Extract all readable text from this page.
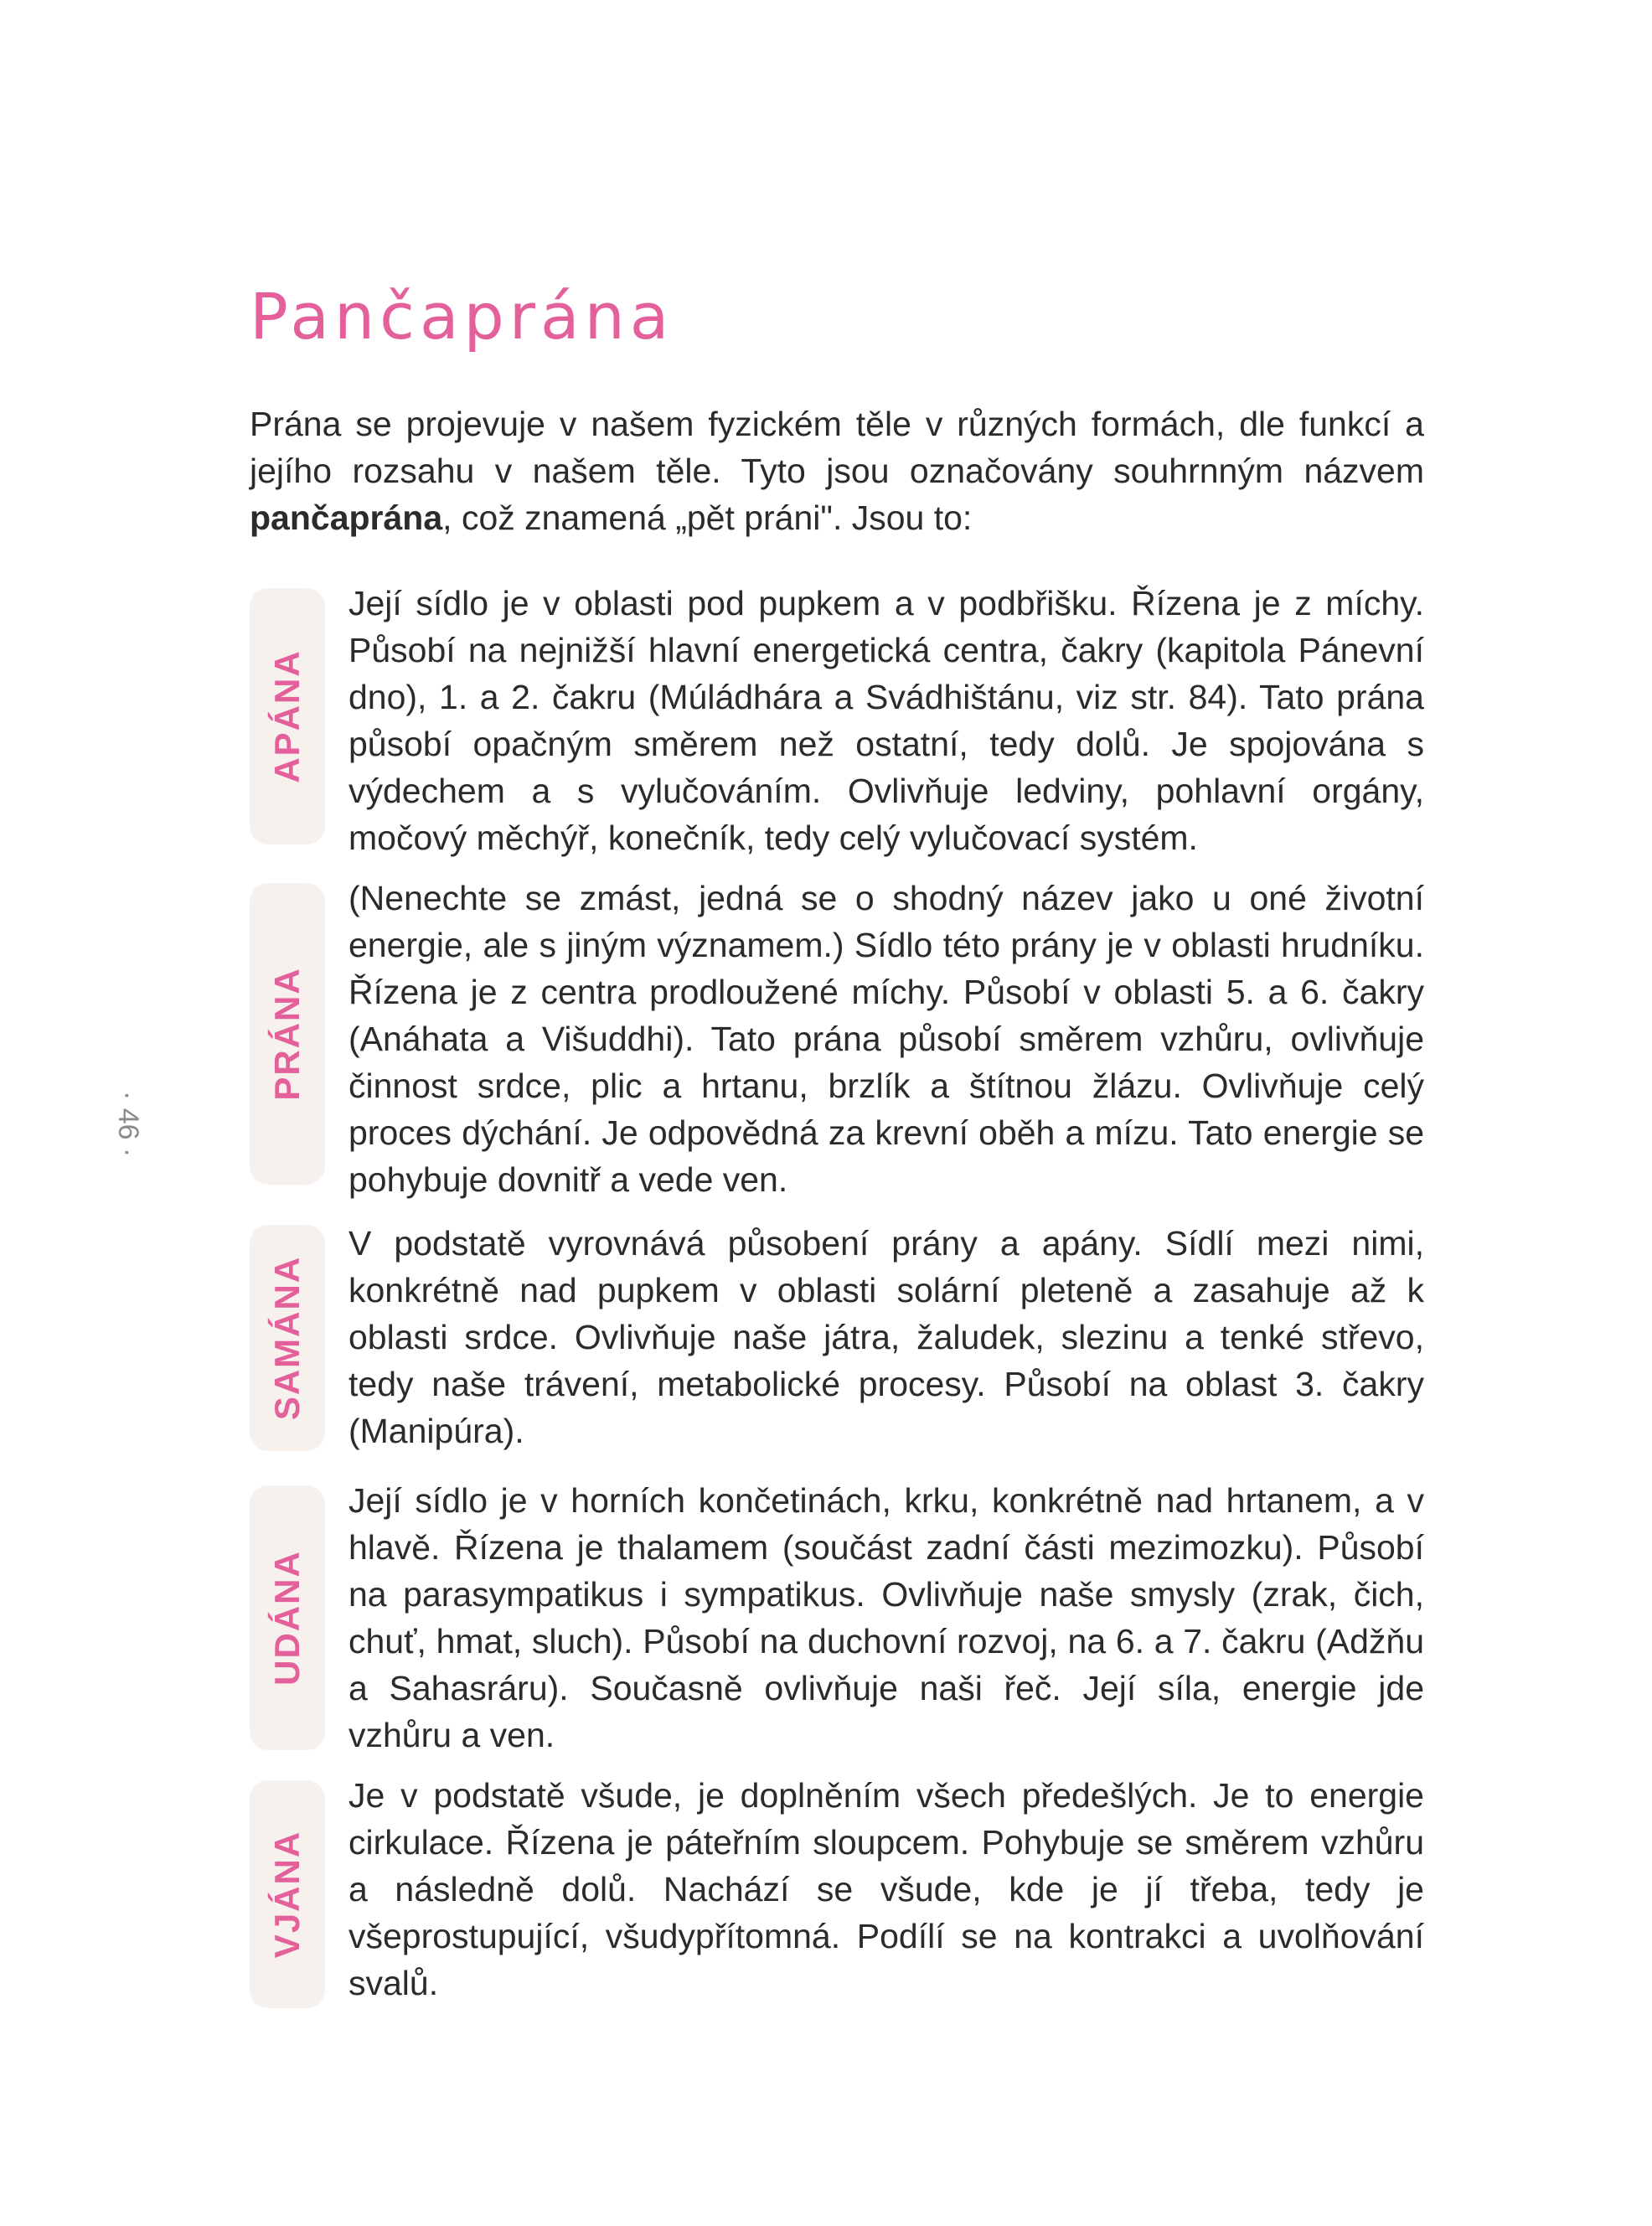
Pančaprána

Prána se projevuje v našem fyzickém těle v různých formách, dle funkcí a jejího rozsahu v našem těle. Tyto jsou označovány souhrnným názvem pančaprána, což znamená „pět práni". Jsou to:

· 46 ·
APÁNA

Její sídlo je v oblasti pod pupkem a v podbřišku. Řízena je z míchy. Působí na nejnižší hlavní energetická centra, čakry (kapitola Pánevní dno), 1. a 2. čakru (Múládhára a Svádhištánu, viz str. 84). Tato prána působí opačným směrem než ostatní, tedy dolů. Je spojována s výdechem a s vylučováním. Ovlivňuje ledviny, pohlavní orgány, močový měchýř, konečník, tedy celý vylučovací systém.

PRÁNA

(Nenechte se zmást, jedná se o shodný název jako u oné životní energie, ale s jiným významem.) Sídlo této prány je v oblasti hrudníku. Řízena je z centra prodloužené míchy. Působí v oblasti 5. a 6. čakry (Anáhata a Višuddhi). Tato prána působí směrem vzhůru, ovlivňuje činnost srdce, plic a hrtanu, brzlík a štítnou žlázu. Ovlivňuje celý proces dýchání. Je odpovědná za krevní oběh a mízu. Tato energie se pohybuje dovnitř a vede ven.

SAMÁNA

V podstatě vyrovnává působení prány a apány. Sídlí mezi nimi, konkrétně nad pupkem v oblasti solární pleteně a zasahuje až k oblasti srdce. Ovlivňuje naše játra, žaludek, slezinu a tenké střevo, tedy naše trávení, metabolické procesy. Působí na oblast 3. čakry (Manipúra).

UDÁNA

Její sídlo je v horních končetinách, krku, konkrétně nad hrtanem, a v hlavě. Řízena je thalamem (součást zadní části mezimozku). Působí na parasympatikus i sympatikus. Ovlivňuje naše smysly (zrak, čich, chuť, hmat, sluch). Působí na duchovní rozvoj, na 6. a 7. čakru (Adžňu a Sahasráru). Současně ovlivňuje naši řeč. Její síla, energie jde vzhůru a ven.

VJÁNA

Je v podstatě všude, je doplněním všech předešlých. Je to energie cirkulace. Řízena je páteřním sloupcem. Pohybuje se směrem vzhůru a následně dolů. Nachází se všude, kde je jí třeba, tedy je všeprostupující, všudypřítomná. Podílí se na kontrakci a uvolňování svalů.
